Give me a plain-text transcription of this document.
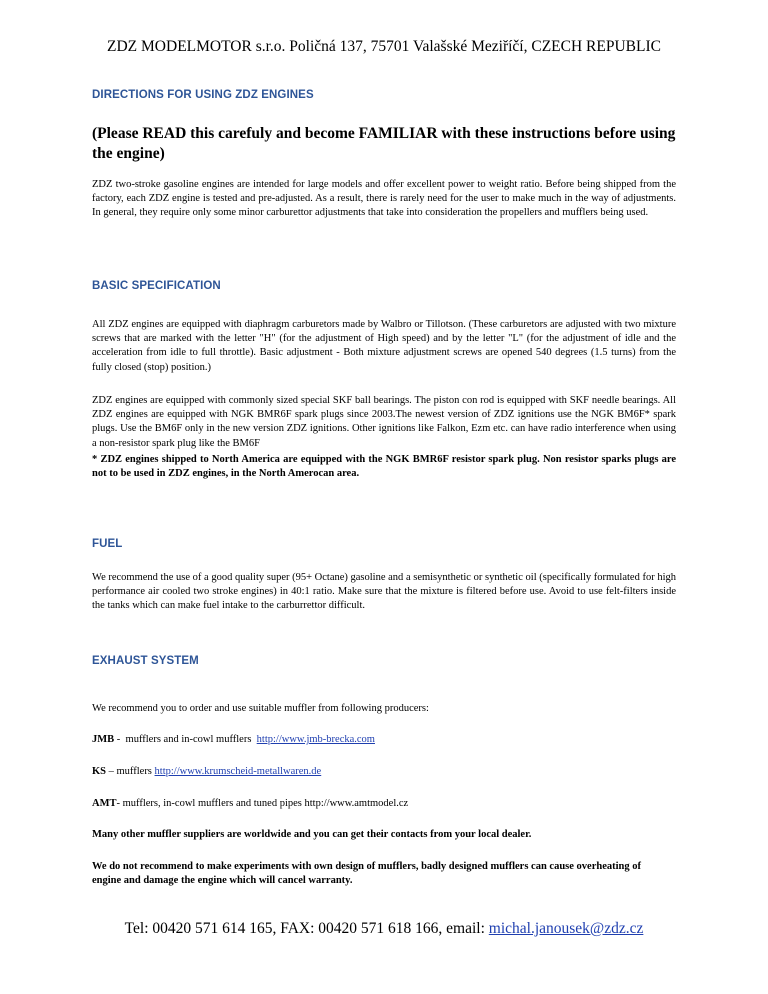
ZDZ MODELMOTOR s.r.o. Poličná 137, 75701 Valašské Meziříčí, CZECH REPUBLIC
DIRECTIONS FOR USING ZDZ ENGINES
(Please READ this carefuly and become FAMILIAR with these instructions before using the engine)
ZDZ two-stroke gasoline engines are intended for large models and offer excellent power to weight ratio. Before being shipped from the factory, each ZDZ engine is tested and pre-adjusted. As a result, there is rarely need for the user to make much in the way of adjustments. In general, they require only some minor carburettor adjustments that take into consideration the propellers and mufflers being used.
BASIC SPECIFICATION
All ZDZ engines are equipped with diaphragm carburetors made by Walbro or Tillotson. (These carburetors are adjusted with two mixture screws that are marked with the letter "H" (for the adjustment of High speed) and by the letter "L" (for the adjustment of idle and the acceleration from idle to full throttle). Basic adjustment - Both mixture adjustment screws are opened 540 degrees (1.5 turns) from the fully closed (stop) position.)
ZDZ engines are equipped with commonly sized special SKF ball bearings. The piston con rod is equipped with SKF needle bearings. All ZDZ engines are equipped with NGK BMR6F spark plugs since 2003.The newest version of ZDZ ignitions use the NGK BM6F* spark plugs. Use the BM6F only in the new version ZDZ ignitions. Other ignitions like Falkon, Ezm etc. can have radio interference when using a non-resistor spark plug like the BM6F
* ZDZ engines shipped to North America are equipped with the NGK BMR6F resistor spark plug. Non resistor sparks plugs are not to be used in ZDZ engines, in the North Amerocan area.
FUEL
We recommend the use of a good quality super (95+ Octane) gasoline and a semisynthetic or synthetic oil (specifically formulated for high performance air cooled two stroke engines) in 40:1 ratio. Make sure that the mixture is filtered before use. Avoid to use felt-filters inside the tanks which can make fuel intake to the carburrettor difficult.
EXHAUST SYSTEM
We recommend you to order and use suitable muffler from following producers:
JMB -  mufflers and in-cowl mufflers  http://www.jmb-brecka.com
KS – mufflers http://www.krumscheid-metallwaren.de
AMT- mufflers, in-cowl mufflers and tuned pipes http://www.amtmodel.cz
Many other muffler suppliers are worldwide and you can get their contacts from your local dealer.
We do not recommend to make experiments with own design of mufflers, badly designed mufflers can cause overheating of engine and damage the engine which will cancel warranty.
Tel: 00420 571 614 165, FAX: 00420 571 618 166, email: michal.janousek@zdz.cz
